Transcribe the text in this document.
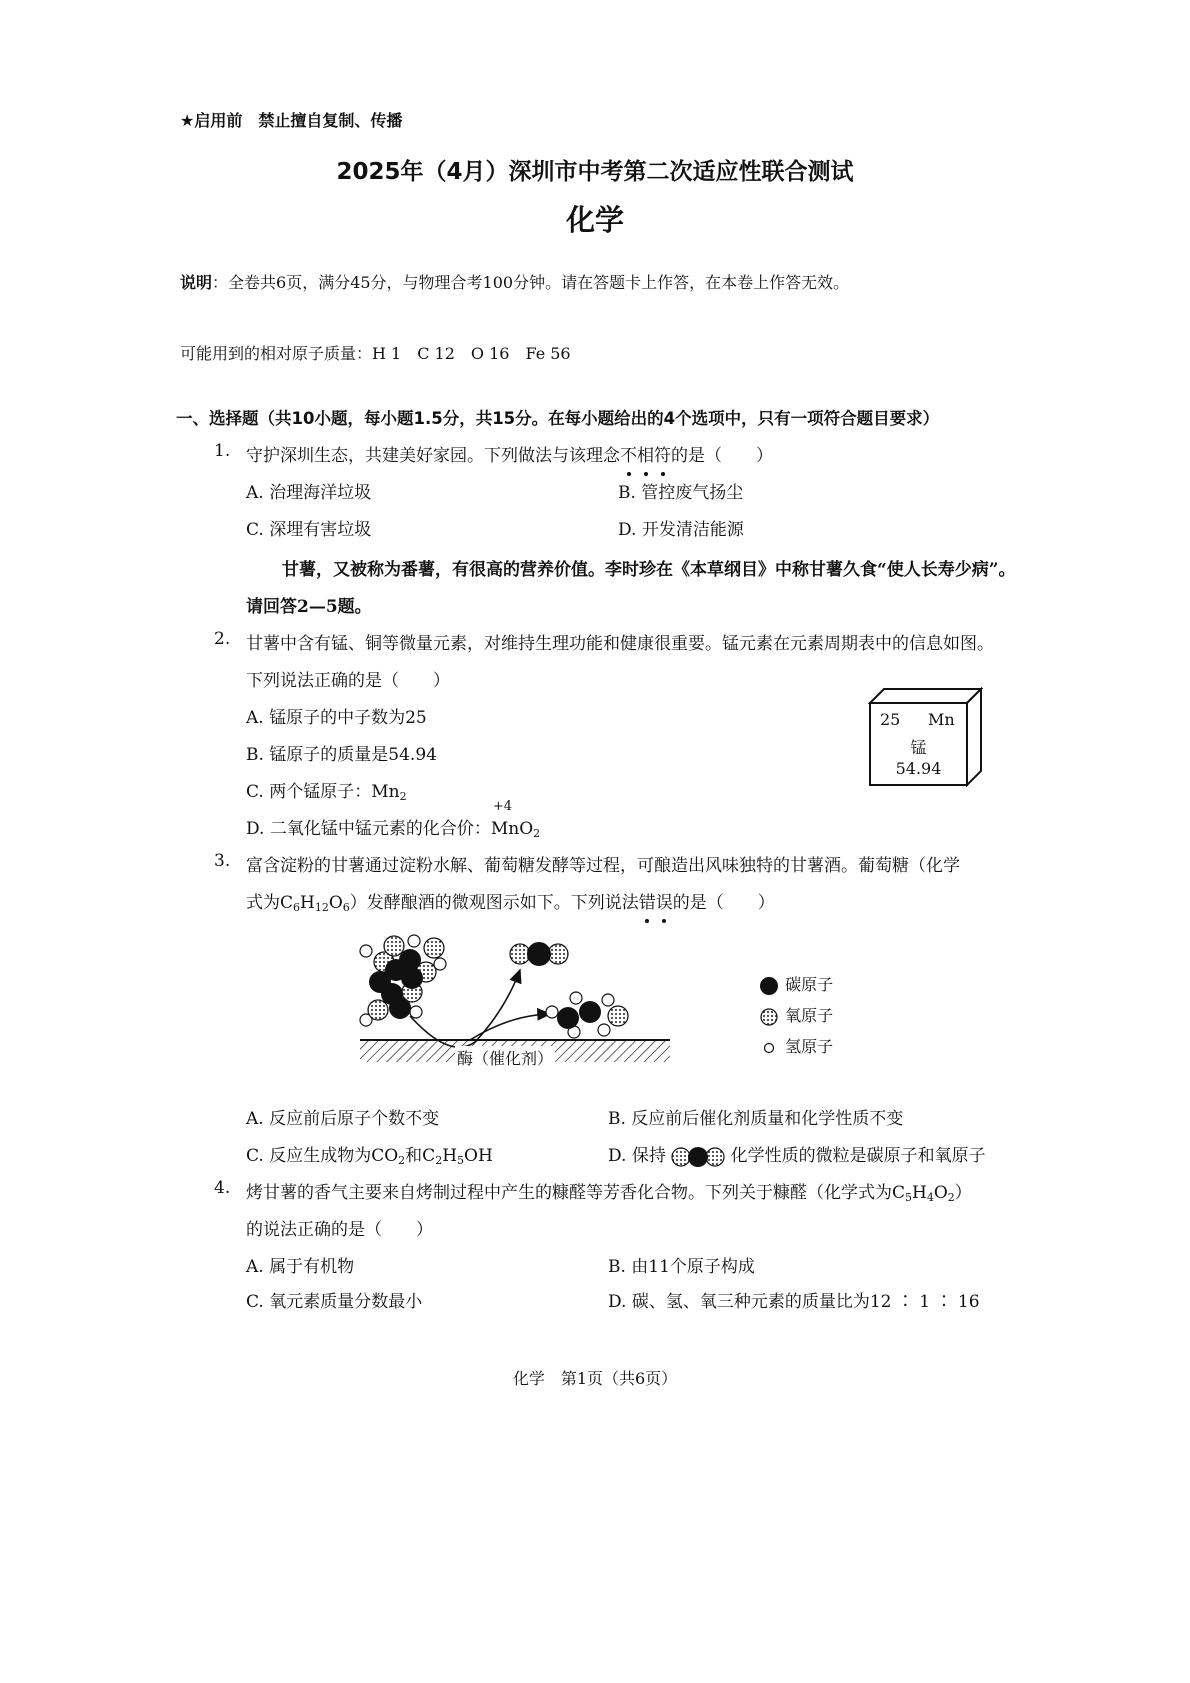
★启用前　禁止擅自复制、传播
2025年（4月）深圳市中考第二次适应性联合测试
化学
说明：全卷共6页，满分45分，与物理合考100分钟。请在答题卡上作答，在本卷上作答无效。
可能用到的相对原子质量：H 1　C 12　O 16　Fe 56
一、选择题（共10小题，每小题1.5分，共15分。在每小题给出的4个选项中，只有一项符合题目要求）
1. 守护深圳生态，共建美好家园。下列做法与该理念不相符的是（　　）
A. 治理海洋垃圾	B. 管控废气扬尘
C. 深埋有害垃圾	D. 开发清洁能源
甘薯，又被称为番薯，有很高的营养价值。李时珍在《本草纲目》中称甘薯久食“使人长寿少病”。
请回答2—5题。
2. 甘薯中含有锰、铜等微量元素，对维持生理功能和健康很重要。锰元素在元素周期表中的信息如图。
下列说法正确的是（　　）
A. 锰原子的中子数为25
B. 锰原子的质量是54.94
C. 两个锰原子：$Mn_2$
D. 二氧化锰中锰元素的化合价：
+4
MnO$_2$
25 Mn
锰
54.94
3. 富含淀粉的甘薯通过淀粉水解、葡萄糖发酵等过程，可酿造出风味独特的甘薯酒。葡萄糖（化学
式为$C_6H_{12}O_6$）发酵酿酒的微观图示如下。下列说法错误的是（　　）
酶（催化剂）
碳原子
氧原子
氢原子
A. 反应前后原子个数不变	B. 反应前后催化剂质量和化学性质不变
C. 反应生成物为$CO_2$和$C_2H_5OH$	D. 保持	化学性质的微粒是碳原子和氧原子
4. 烤甘薯的香气主要来自烤制过程中产生的糠醛等芳香化合物。下列关于糠醛（化学式为$C_5H_4O_2$）
的说法正确的是（　　）
A. 属于有机物	B. 由11个原子构成
C. 氧元素质量分数最小	D. 碳、氢、氧三种元素的质量比为12 ∶ 1 ∶ 16
化学　第1页（共6页）
